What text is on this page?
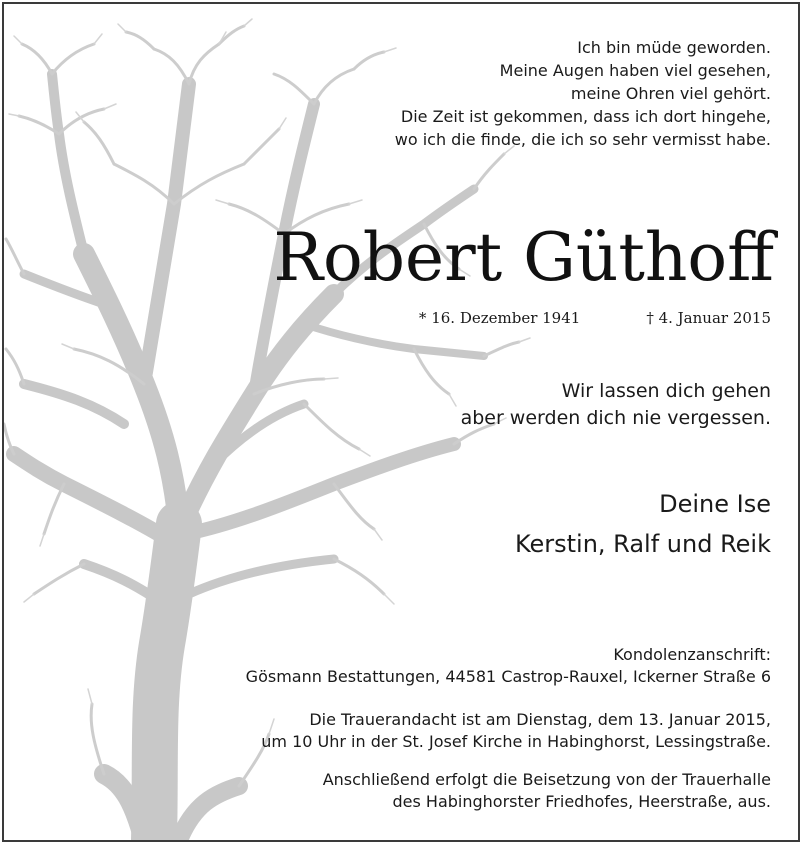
Ich bin müde geworden.
Meine Augen haben viel gesehen,
meine Ohren viel gehört.
Die Zeit ist gekommen, dass ich dort hingehe,
wo ich die finde, die ich so sehr vermisst habe.
Robert Güthoff
* 16. Dezember 1941	† 4. Januar 2015
Wir lassen dich gehen
aber werden dich nie vergessen.
Deine Ise
Kerstin, Ralf und Reik
Kondolenzanschrift:
Gösmann Bestattungen, 44581 Castrop-Rauxel, Ickerner Straße 6
Die Trauerandacht ist am Dienstag, dem 13. Januar 2015,
um 10 Uhr in der St. Josef Kirche in Habinghorst, Lessingstraße.
Anschließend erfolgt die Beisetzung von der Trauerhalle
des Habinghorster Friedhofes, Heerstraße, aus.
